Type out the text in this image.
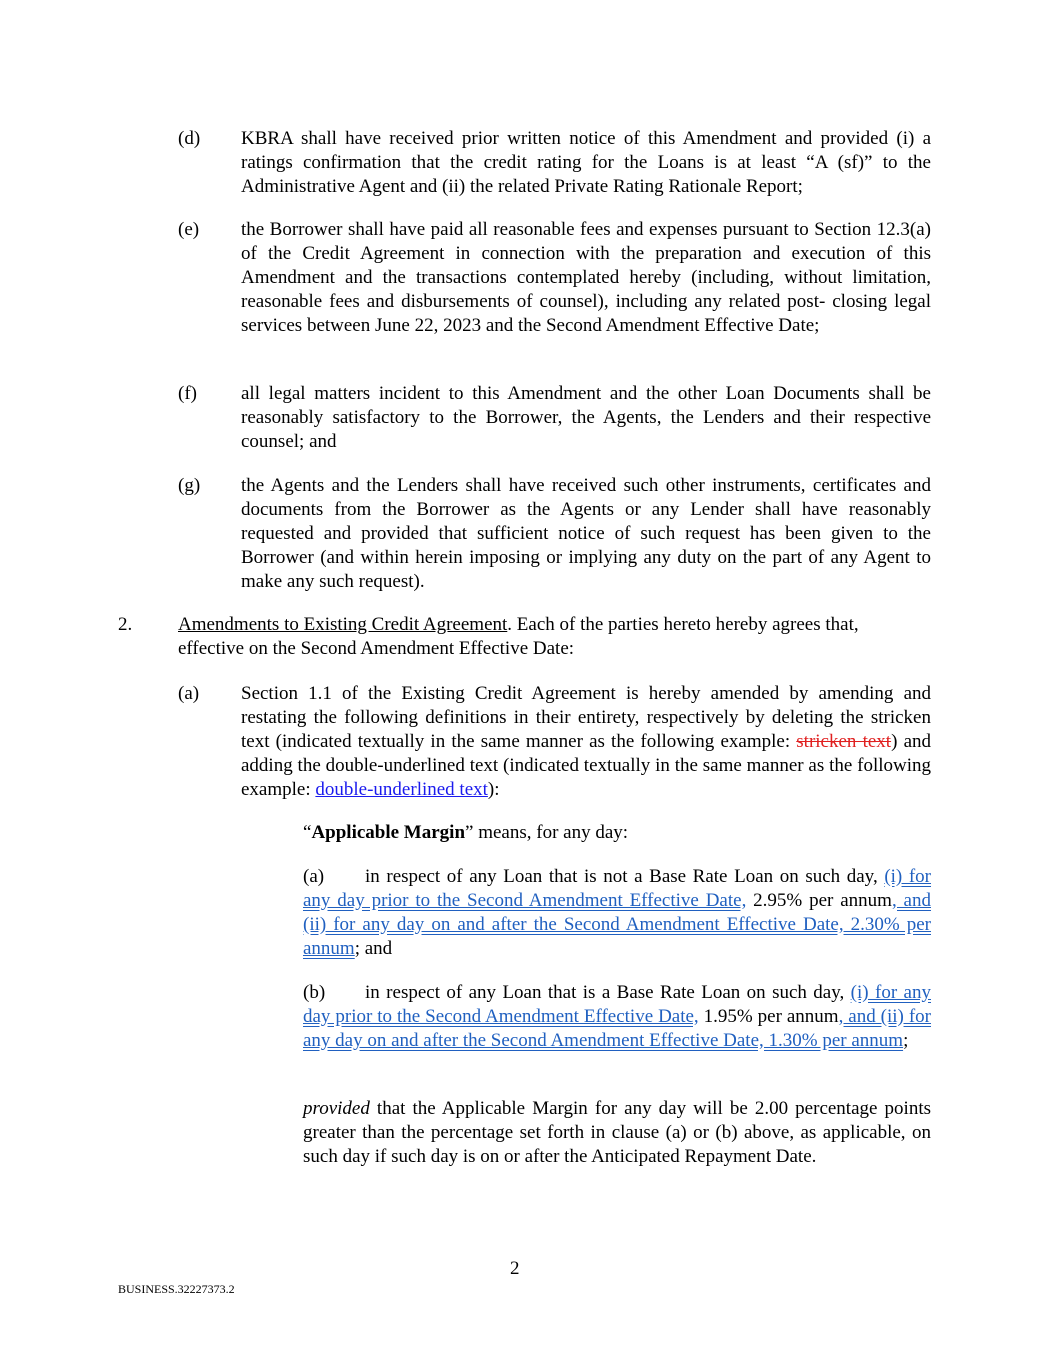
(d) KBRA shall have received prior written notice of this Amendment and provided (i) a ratings confirmation that the credit rating for the Loans is at least “A (sf)” to the Administrative Agent and (ii) the related Private Rating Rationale Report;
(e) the Borrower shall have paid all reasonable fees and expenses pursuant to Section 12.3(a) of the Credit Agreement in connection with the preparation and execution of this Amendment and the transactions contemplated hereby (including, without limitation, reasonable fees and disbursements of counsel), including any related post- closing legal services between June 22, 2023 and the Second Amendment Effective Date;
(f) all legal matters incident to this Amendment and the other Loan Documents shall be reasonably satisfactory to the Borrower, the Agents, the Lenders and their respective counsel; and
(g) the Agents and the Lenders shall have received such other instruments, certificates and documents from the Borrower as the Agents or any Lender shall have reasonably requested and provided that sufficient notice of such request has been given to the Borrower (and within herein imposing or implying any duty on the part of any Agent to make any such request).
2. Amendments to Existing Credit Agreement. Each of the parties hereto hereby agrees that, effective on the Second Amendment Effective Date:
(a) Section 1.1 of the Existing Credit Agreement is hereby amended by amending and restating the following definitions in their entirety, respectively by deleting the stricken text (indicated textually in the same manner as the following example: stricken text) and adding the double-underlined text (indicated textually in the same manner as the following example: double-underlined text):
“Applicable Margin” means, for any day:
(a) in respect of any Loan that is not a Base Rate Loan on such day, (i) for any day prior to the Second Amendment Effective Date, 2.95% per annum, and (ii) for any day on and after the Second Amendment Effective Date, 2.30% per annum; and
(b) in respect of any Loan that is a Base Rate Loan on such day, (i) for any day prior to the Second Amendment Effective Date, 1.95% per annum, and (ii) for any day on and after the Second Amendment Effective Date, 1.30% per annum;
provided that the Applicable Margin for any day will be 2.00 percentage points greater than the percentage set forth in clause (a) or (b) above, as applicable, on such day if such day is on or after the Anticipated Repayment Date.
2
BUSINESS.32227373.2
